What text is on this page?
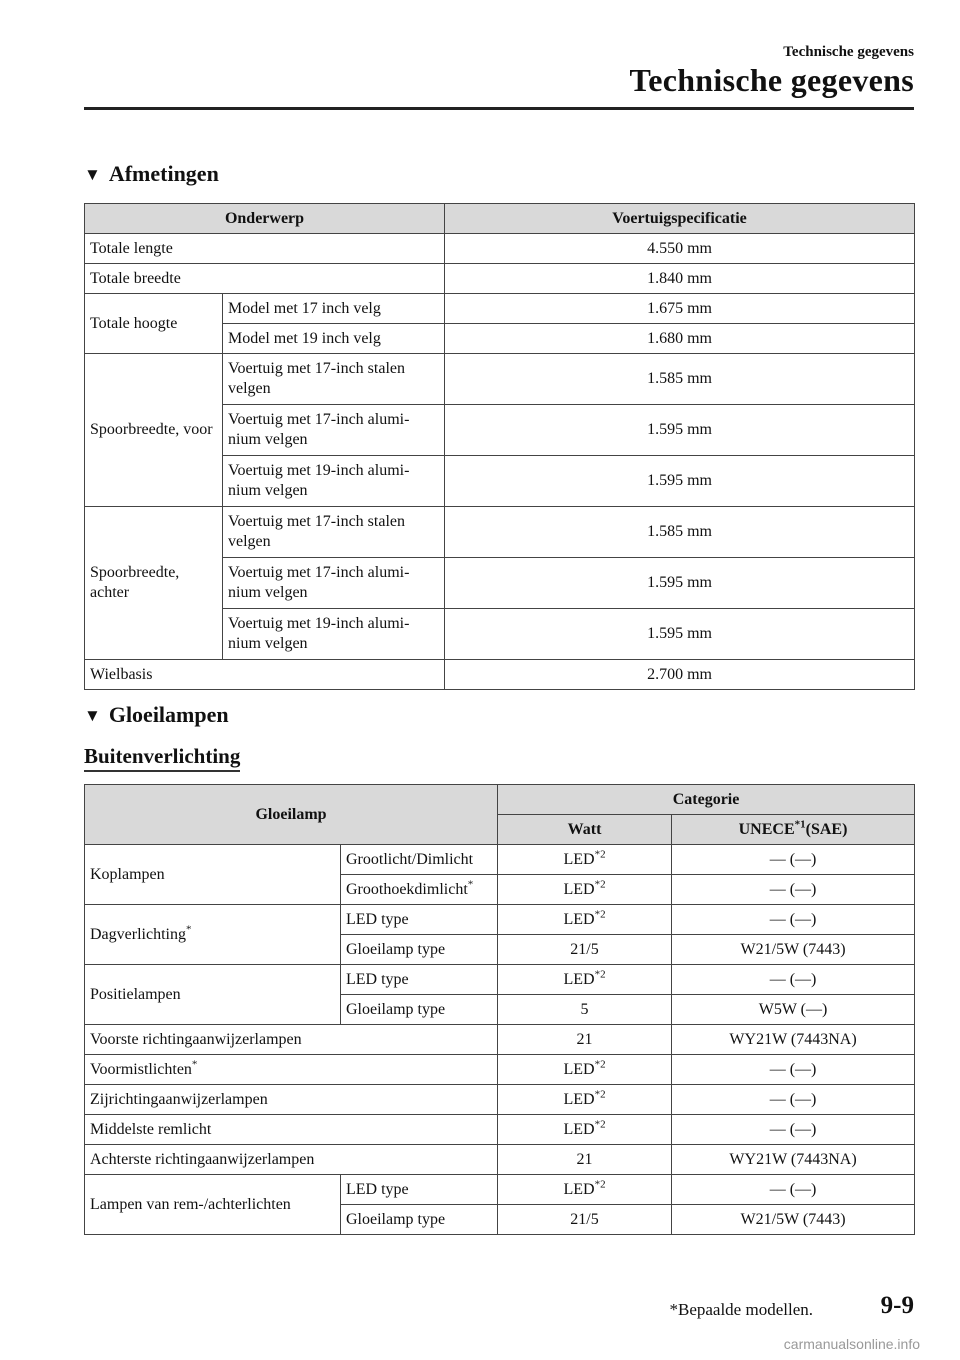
Technische gegevens
Technische gegevens
▼ Afmetingen
Onderwerp		Voertuigspecificatie
Totale lengte		4.550 mm
Totale breedte		1.840 mm
Totale hoogte	Model met 17 inch velg	1.675 mm
	Model met 19 inch velg	1.680 mm
Spoorbreedte, voor	Voertuig met 17-inch stalen velgen	1.585 mm
	Voertuig met 17-inch alumi-nium velgen	1.595 mm
	Voertuig met 19-inch alumi-nium velgen	1.595 mm
Spoorbreedte, achter	Voertuig met 17-inch stalen velgen	1.585 mm
	Voertuig met 17-inch alumi-nium velgen	1.595 mm
	Voertuig met 19-inch alumi-nium velgen	1.595 mm
Wielbasis		2.700 mm
▼ Gloeilampen
Buitenverlichting
Gloeilamp		Categorie	
		Watt	UNECE$^{*1}$(SAE)
Koplampen	Grootlicht/Dimlicht	LED$^{*2}$	— (—)
	Groothoekdimlicht*	LED$^{*2}$	— (—)
Dagverlichting*	LED type	LED$^{*2}$	— (—)
	Gloeilamp type	21/5	W21/5W (7443)
Positielampen	LED type	LED$^{*2}$	— (—)
	Gloeilamp type	5	W5W (—)
Voorste richtingaanwijzerlampen		21	WY21W (7443NA)
Voormistlichten*		LED$^{*2}$	— (—)
Zijrichtingaanwijzerlampen		LED$^{*2}$	— (—)
Middelste remlicht		LED$^{*2}$	— (—)
Achterste richtingaanwijzerlampen		21	WY21W (7443NA)
Lampen van rem-/achterlichten	LED type	LED$^{*2}$	— (—)
	Gloeilamp type	21/5	W21/5W (7443)
*Bepaalde modellen.	9-9
carmanualsonline.info
